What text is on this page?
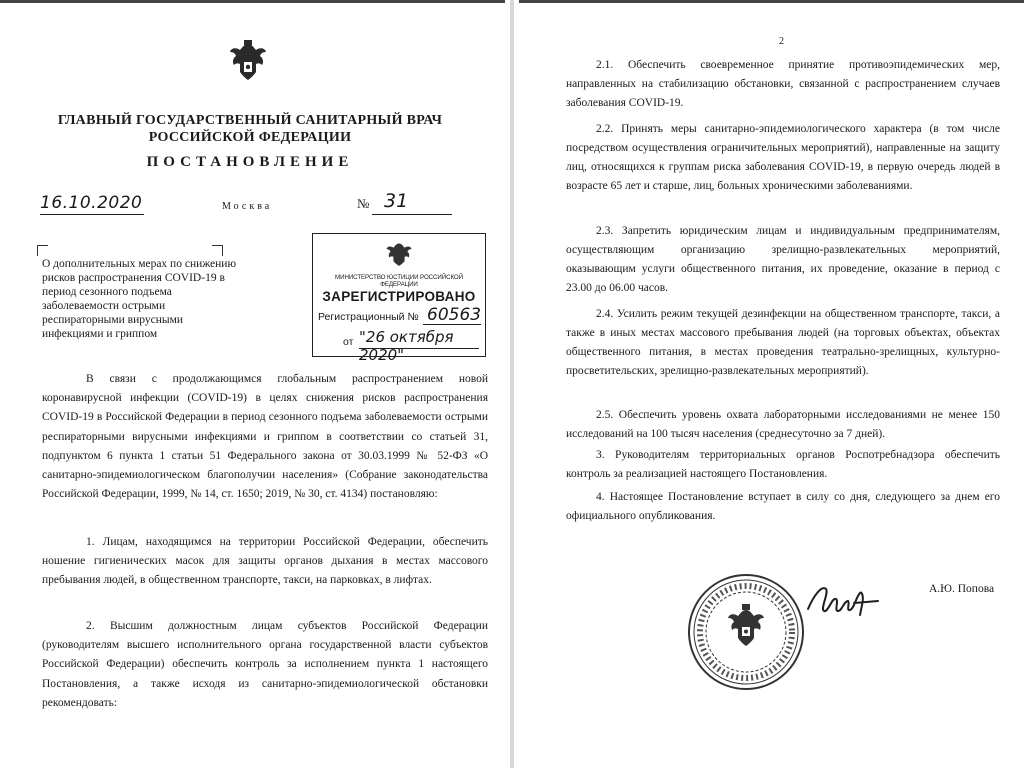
ГЛАВНЫЙ ГОСУДАРСТВЕННЫЙ САНИТАРНЫЙ ВРАЧ
РОССИЙСКОЙ ФЕДЕРАЦИИ
ПОСТАНОВЛЕНИЕ
16.10.2020	Москва	№ 31
О дополнительных мерах по снижению рисков распространения COVID-19 в период сезонного подъема заболеваемости острыми респираторными вирусными инфекциями и гриппом
МИНИСТЕРСТВО ЮСТИЦИИ РОССИЙСКОЙ ФЕДЕРАЦИИ
ЗАРЕГИСТРИРОВАНО
Регистрационный № 60563
от "26 октября 2020"

В связи с продолжающимся глобальным распространением новой коронавирусной инфекции (COVID-19) в целях снижения рисков распространения COVID-19 в Российской Федерации в период сезонного подъема заболеваемости острыми респираторными вирусными инфекциями и гриппом в соответствии со статьей 31, подпунктом 6 пункта 1 статьи 51 Федерального закона от 30.03.1999 № 52-ФЗ «О санитарно-эпидемиологическом благополучии населения» (Собрание законодательства Российской Федерации, 1999, № 14, ст. 1650; 2019, № 30, ст. 4134) постановляю:

1. Лицам, находящимся на территории Российской Федерации, обеспечить ношение гигиенических масок для защиты органов дыхания в местах массового пребывания людей, в общественном транспорте, такси, на парковках, в лифтах.

2. Высшим должностным лицам субъектов Российской Федерации (руководителям высшего исполнительного органа государственной власти субъектов Российской Федерации) обеспечить контроль за исполнением пункта 1 настоящего Постановления, а также исходя из санитарно-эпидемиологической обстановки рекомендовать:

2

2.1. Обеспечить своевременное принятие противоэпидемических мер, направленных на стабилизацию обстановки, связанной с распространением случаев заболевания COVID-19.

2.2. Принять меры санитарно-эпидемиологического характера (в том числе посредством осуществления ограничительных мероприятий), направленные на защиту лиц, относящихся к группам риска заболевания COVID-19, в первую очередь людей в возрасте 65 лет и старше, лиц, больных хроническими заболеваниями.

2.3. Запретить юридическим лицам и индивидуальным предпринимателям, осуществляющим организацию зрелищно-развлекательных мероприятий, оказывающим услуги общественного питания, их проведение, оказание в период с 23.00 до 06.00 часов.

2.4. Усилить режим текущей дезинфекции на общественном транспорте, такси, а также в иных местах массового пребывания людей (на торговых объектах, объектах общественного питания, в местах проведения театрально-зрелищных, культурно-просветительских, зрелищно-развлекательных мероприятий).

2.5. Обеспечить уровень охвата лабораторными исследованиями не менее 150 исследований на 100 тысяч населения (среднесуточно за 7 дней).

3. Руководителям территориальных органов Роспотребнадзора обеспечить контроль за реализацией настоящего Постановления.

4. Настоящее Постановление вступает в силу со дня, следующего за днем его официального опубликования.

А.Ю. Попова
